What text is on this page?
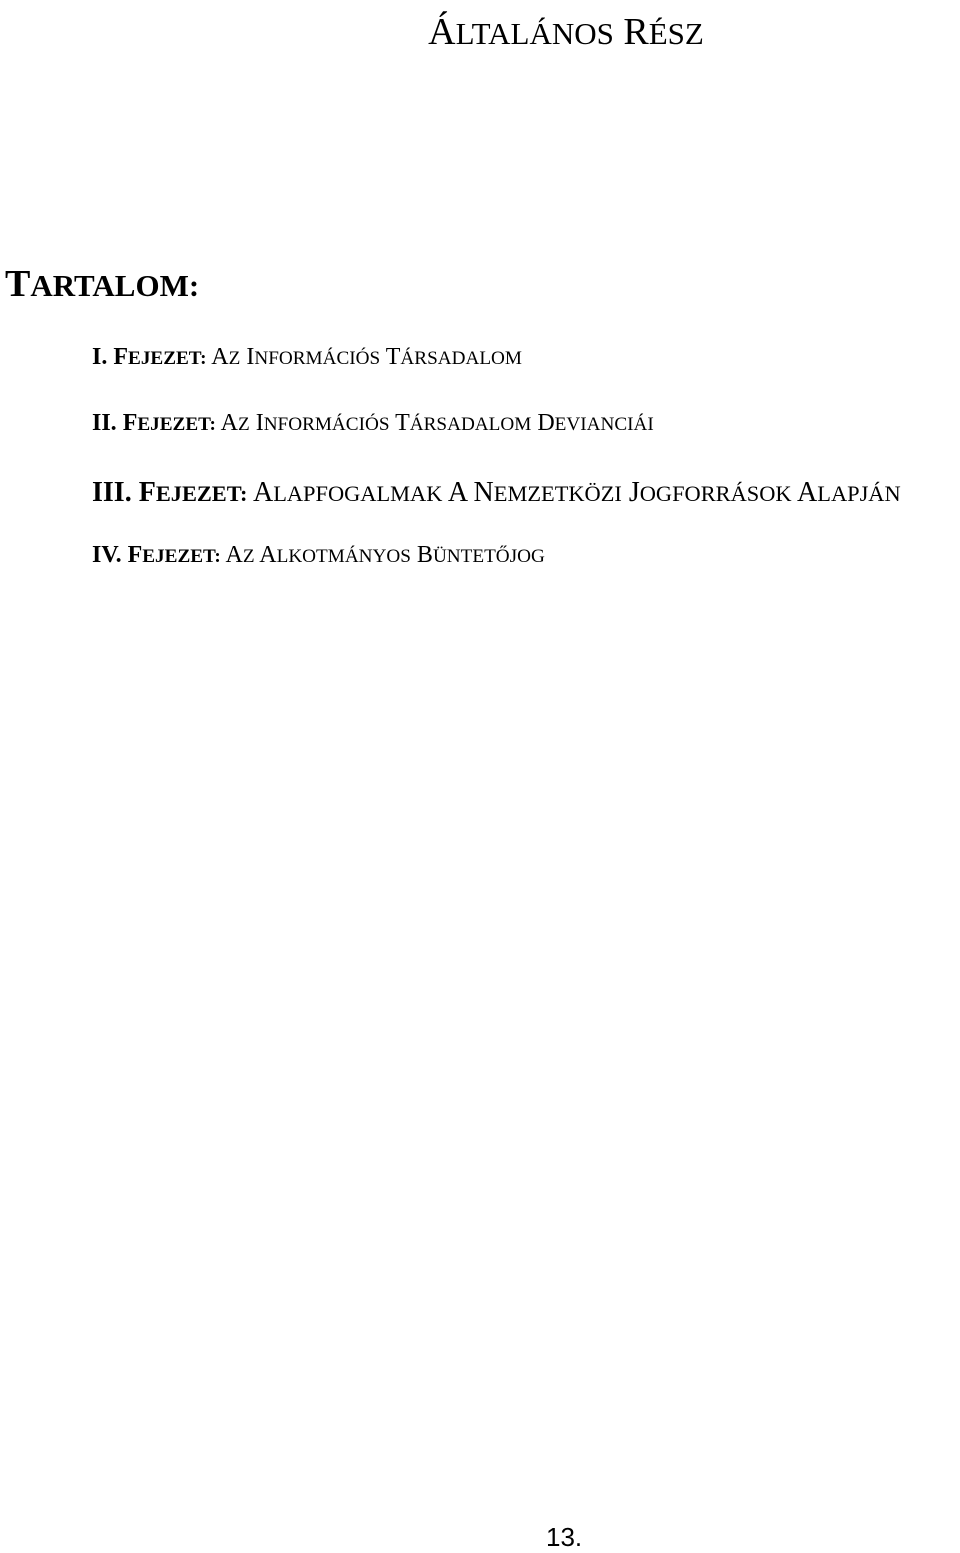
ÁLTALÁNOS RÉSZ
TARTALOM:
I. FEJEZET: AZ INFORMÁCIÓS TÁRSADALOM
II. FEJEZET: AZ INFORMÁCIÓS TÁRSADALOM DEVIANCIÁI
III. FEJEZET: ALAPFOGALMAK A NEMZETKÖZI JOGFORRÁSOK ALAPJÁN
IV. FEJEZET: AZ ALKOTMÁNYOS BÜNTETŐJOG
13.
